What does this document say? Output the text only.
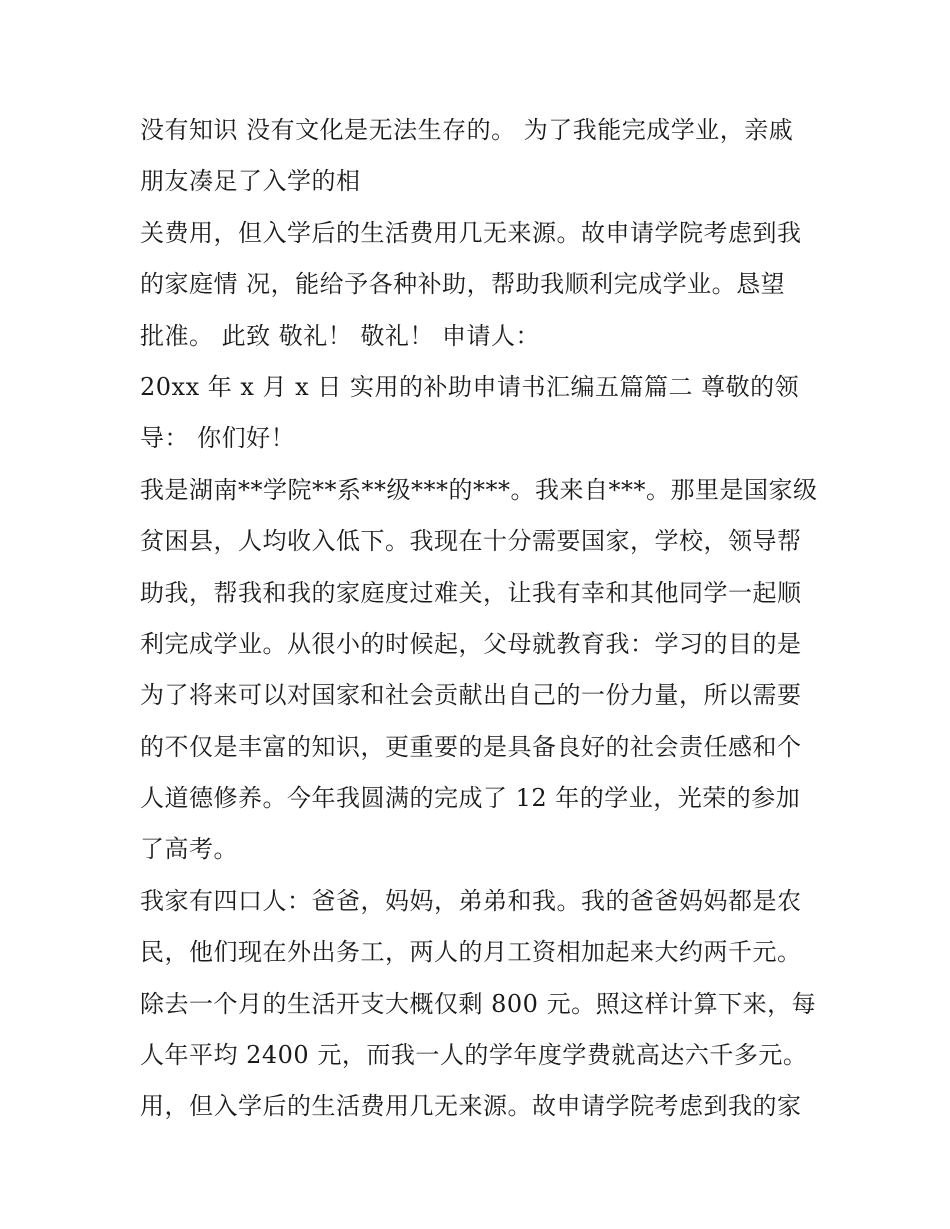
没有知识 没有文化是无法生存的。 为了我能完成学业，亲戚
朋友凑足了入学的相
关费用，但入学后的生活费用几无来源。故申请学院考虑到我
的家庭情 况，能给予各种补助，帮助我顺利完成学业。恳望
批准。 此致 敬礼！ 敬礼！ 申请人：
20xx 年 x 月 x 日 实用的补助申请书汇编五篇篇二 尊敬的领
导： 你们好！
我是湖南**学院**系**级***的***。我来自***。那里是国家级
贫困县，人均收入低下。我现在十分需要国家，学校，领导帮
助我，帮我和我的家庭度过难关，让我有幸和其他同学一起顺
利完成学业。从很小的时候起，父母就教育我：学习的目的是
为了将来可以对国家和社会贡献出自己的一份力量，所以需要
的不仅是丰富的知识，更重要的是具备良好的社会责任感和个
人道德修养。今年我圆满的完成了 12 年的学业，光荣的参加
了高考。
我家有四口人：爸爸，妈妈，弟弟和我。我的爸爸妈妈都是农
民，他们现在外出务工，两人的月工资相加起来大约两千元。
除去一个月的生活开支大概仅剩 800 元。照这样计算下来，每
人年平均 2400 元，而我一人的学年度学费就高达六千多元。
用，但入学后的生活费用几无来源。故申请学院考虑到我的家
